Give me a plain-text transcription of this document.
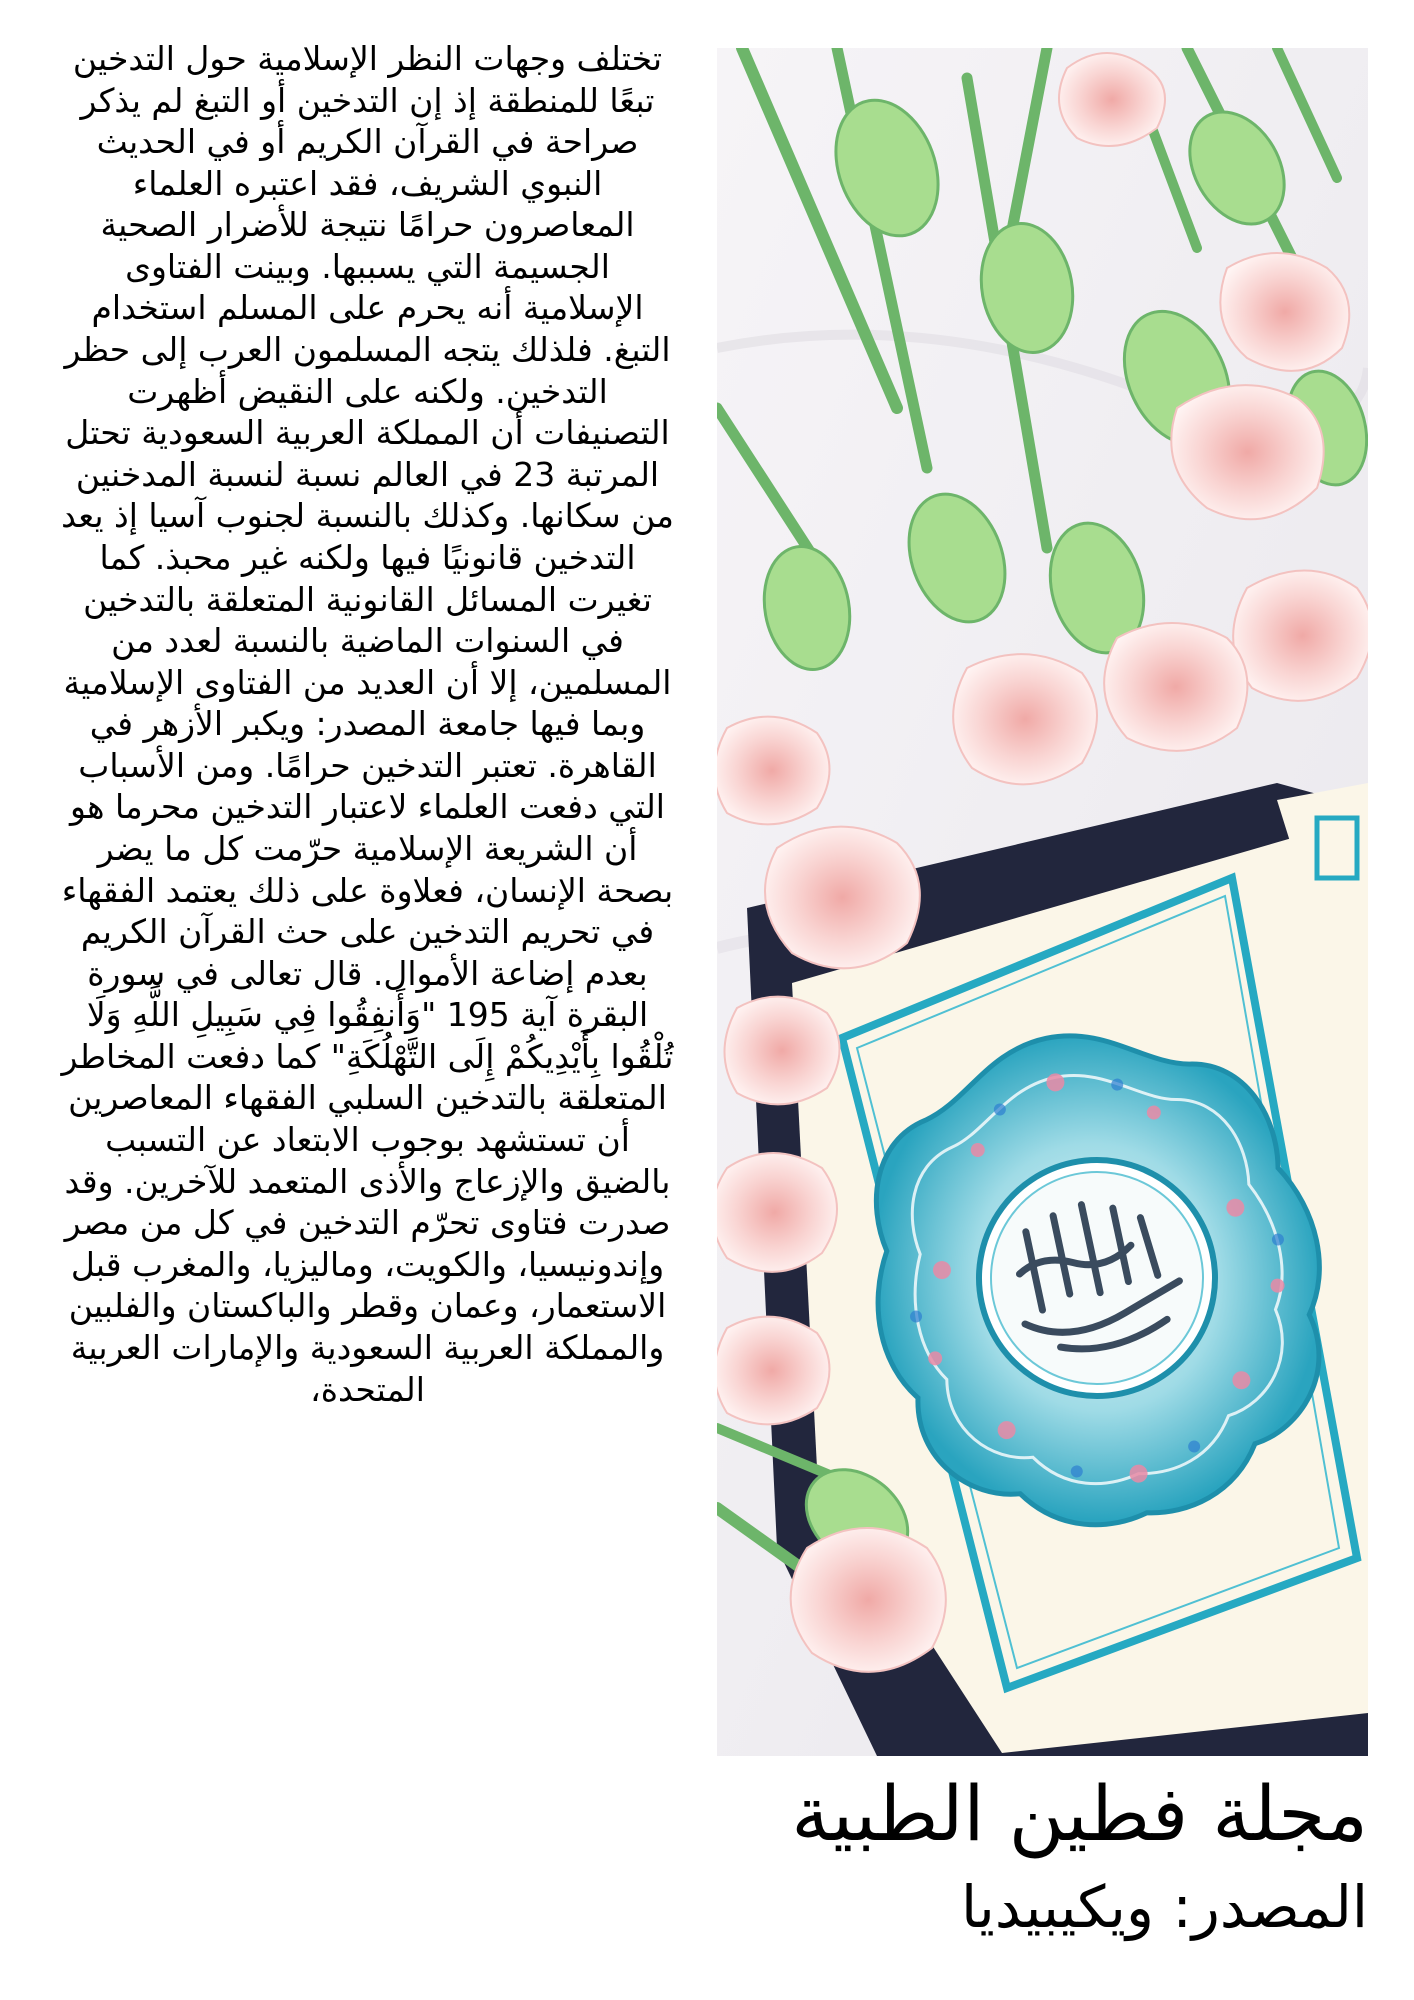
تختلف وجهات النظر الإسلامية حول التدخين تبعًا للمنطقة إذ إن التدخين أو التبغ لم يذكر صراحة في القرآن الكريم أو في الحديث النبوي الشريف، فقد اعتبره العلماء المعاصرون حرامًا نتيجة للأضرار الصحية الجسيمة التي يسببها. وبينت الفتاوى الإسلامية أنه يحرم على المسلم استخدام التبغ. فلذلك يتجه المسلمون العرب إلى حظر التدخين. ولكنه على النقيض أظهرت التصنيفات أن المملكة العربية السعودية تحتل المرتبة 23 في العالم نسبة لنسبة المدخنين من سكانها. وكذلك بالنسبة لجنوب آسيا إذ يعد التدخين قانونيًا فيها ولكنه غير محبذ. كما تغيرت المسائل القانونية المتعلقة بالتدخين في السنوات الماضية بالنسبة لعدد من المسلمين، إلا أن العديد من الفتاوى الإسلامية وبما فيها جامعة المصدر: ويكبر الأزهر في القاهرة. تعتبر التدخين حرامًا. ومن الأسباب التي دفعت العلماء لاعتبار التدخين محرما هو أن الشريعة الإسلامية حرّمت كل ما يضر بصحة الإنسان، فعلاوة على ذلك يعتمد الفقهاء في تحريم التدخين على حث القرآن الكريم بعدم إضاعة الأموال. قال تعالى في سورة البقرة آية 195 "وَأَنفِقُوا فِي سَبِيلِ اللَّهِ وَلَا تُلْقُوا بِأَيْدِيكُمْ إِلَى التَّهْلُكَةِ" كما دفعت المخاطر المتعلقة بالتدخين السلبي الفقهاء المعاصرين أن تستشهد بوجوب الابتعاد عن التسبب بالضيق والإزعاج والأذى المتعمد للآخرين. وقد صدرت فتاوى تحرّم التدخين في كل من مصر وإندونيسيا، والكويت، وماليزيا، والمغرب قبل الاستعمار، وعمان وقطر والباكستان والفلبين والمملكة العربية السعودية والإمارات العربية المتحدة،

مجلة فطين الطبية
المصدر: ويكيبيديا
